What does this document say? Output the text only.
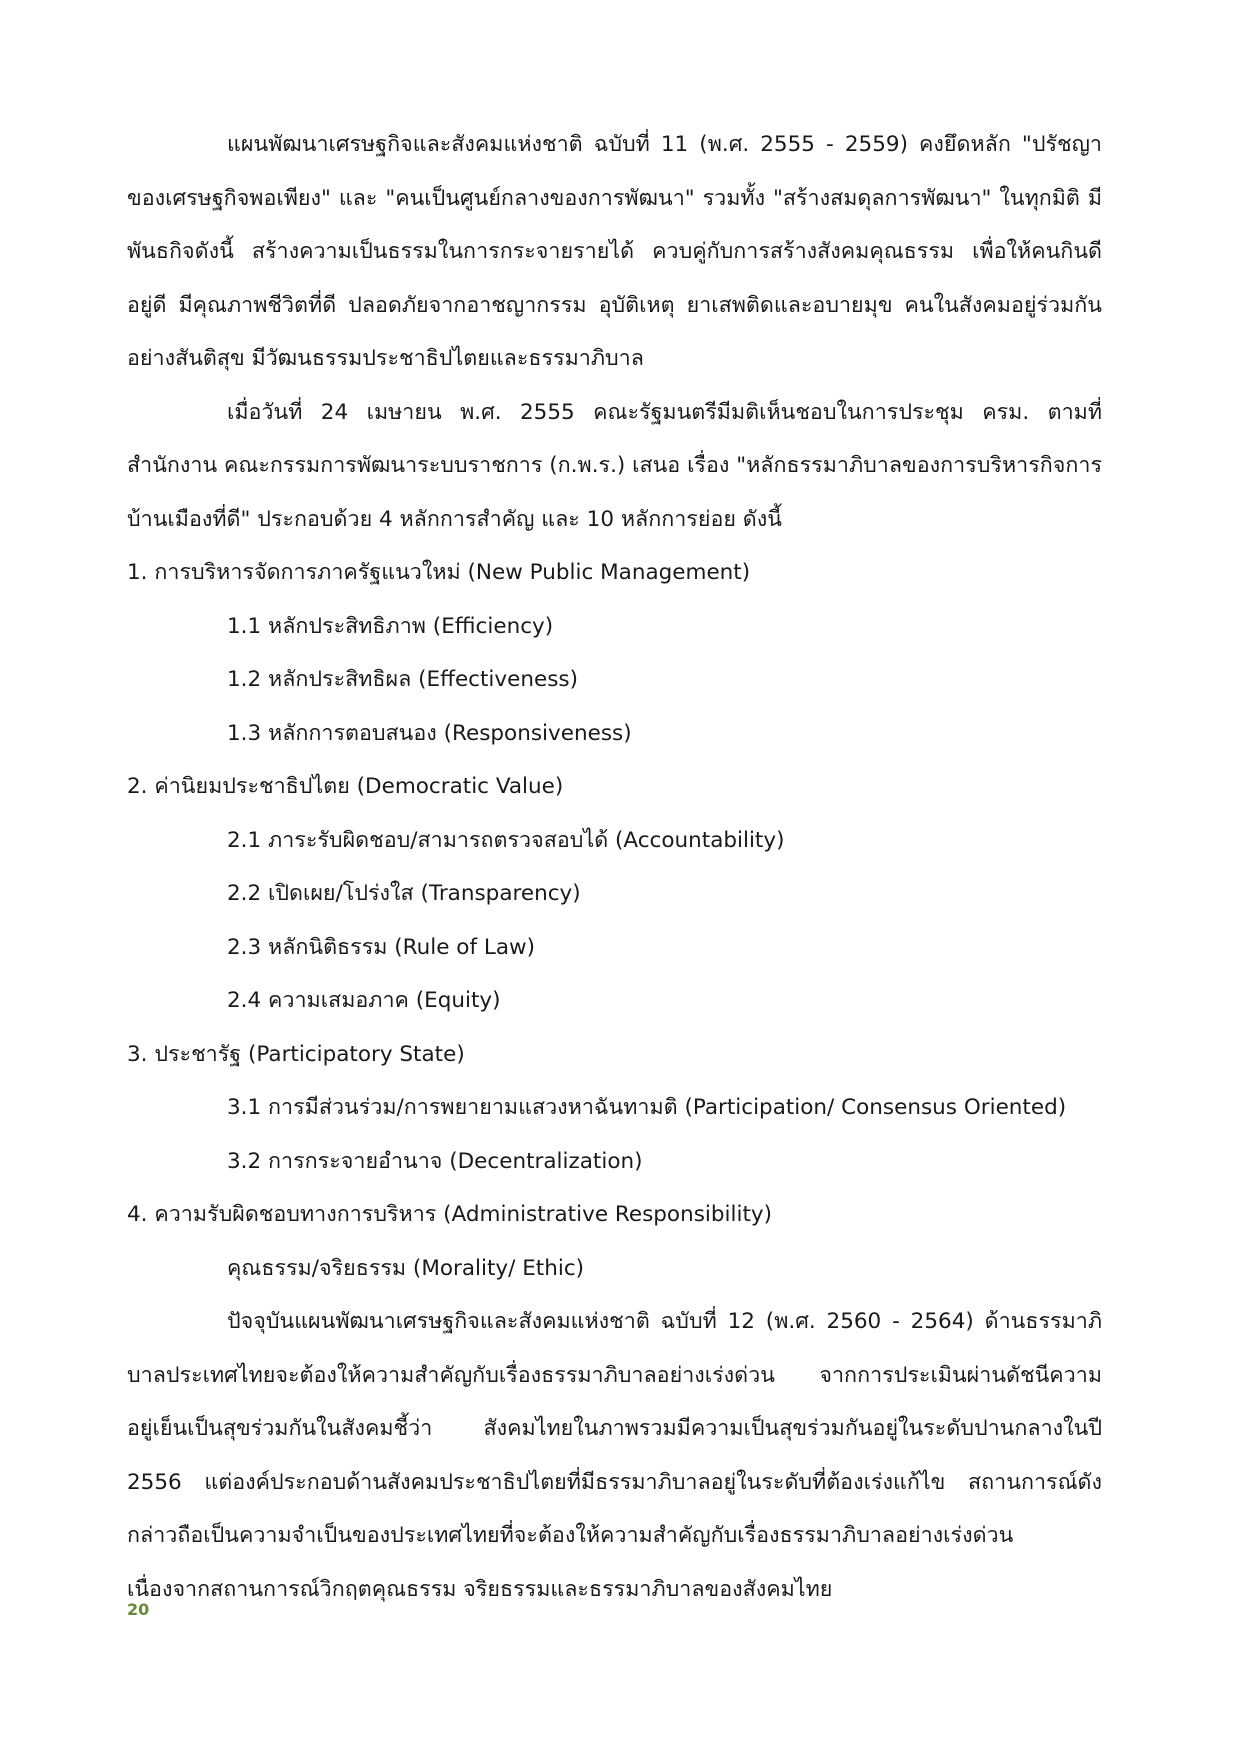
แผนพัฒนาเศรษฐกิจและสังคมแห่งชาติ ฉบับที่ 11 (พ.ศ. 2555 - 2559) คงยึดหลัก "ปรัชญาของเศรษฐกิจพอเพียง" และ "คนเป็นศูนย์กลางของการพัฒนา" รวมทั้ง "สร้างสมดุลการพัฒนา" ในทุกมิติ มีพันธกิจดังนี้ สร้างความเป็นธรรมในการกระจายรายได้ ควบคู่กับการสร้างสังคมคุณธรรม เพื่อให้คนกินดีอยู่ดี มีคุณภาพชีวิตที่ดี ปลอดภัยจากอาชญากรรม อุบัติเหตุ ยาเสพติดและอบายมุข คนในสังคมอยู่ร่วมกันอย่างสันติสุข มีวัฒนธรรมประชาธิปไตยและธรรมาภิบาล

เมื่อวันที่ 24 เมษายน พ.ศ. 2555 คณะรัฐมนตรีมีมติเห็นชอบในการประชุม ครม. ตามที่สำนักงาน คณะกรรมการพัฒนาระบบราชการ (ก.พ.ร.) เสนอ เรื่อง "หลักธรรมาภิบาลของการบริหารกิจการบ้านเมืองที่ดี" ประกอบด้วย 4 หลักการสำคัญ และ 10 หลักการย่อย ดังนี้

1. การบริหารจัดการภาครัฐแนวใหม่ (New Public Management)

1.1 หลักประสิทธิภาพ (Efficiency)

1.2 หลักประสิทธิผล (Effectiveness)

1.3 หลักการตอบสนอง (Responsiveness)

2. ค่านิยมประชาธิปไตย (Democratic Value)

2.1 ภาระรับผิดชอบ/สามารถตรวจสอบได้ (Accountability)

2.2 เปิดเผย/โปร่งใส (Transparency)

2.3 หลักนิติธรรม (Rule of Law)

2.4 ความเสมอภาค (Equity)

3. ประชารัฐ (Participatory State)

3.1 การมีส่วนร่วม/การพยายามแสวงหาฉันทามติ (Participation/ Consensus Oriented)

3.2 การกระจายอำนาจ (Decentralization)

4. ความรับผิดชอบทางการบริหาร (Administrative Responsibility)

คุณธรรม/จริยธรรม (Morality/ Ethic)

ปัจจุบันแผนพัฒนาเศรษฐกิจและสังคมแห่งชาติ ฉบับที่ 12 (พ.ศ. 2560 - 2564) ด้านธรรมาภิบาลประเทศไทยจะต้องให้ความสำคัญกับเรื่องธรรมาภิบาลอย่างเร่งด่วน จากการประเมินผ่านดัชนีความอยู่เย็นเป็นสุขร่วมกันในสังคมชี้ว่า สังคมไทยในภาพรวมมีความเป็นสุขร่วมกันอยู่ในระดับปานกลางในปี 2556 แต่องค์ประกอบด้านสังคมประชาธิปไตยที่มีธรรมาภิบาลอยู่ในระดับที่ต้องเร่งแก้ไข สถานการณ์ดังกล่าวถือเป็นความจำเป็นของประเทศไทยที่จะต้องให้ความสำคัญกับเรื่องธรรมาภิบาลอย่างเร่งด่วน เนื่องจากสถานการณ์วิกฤตคุณธรรม จริยธรรมและธรรมาภิบาลของสังคมไทย

20
